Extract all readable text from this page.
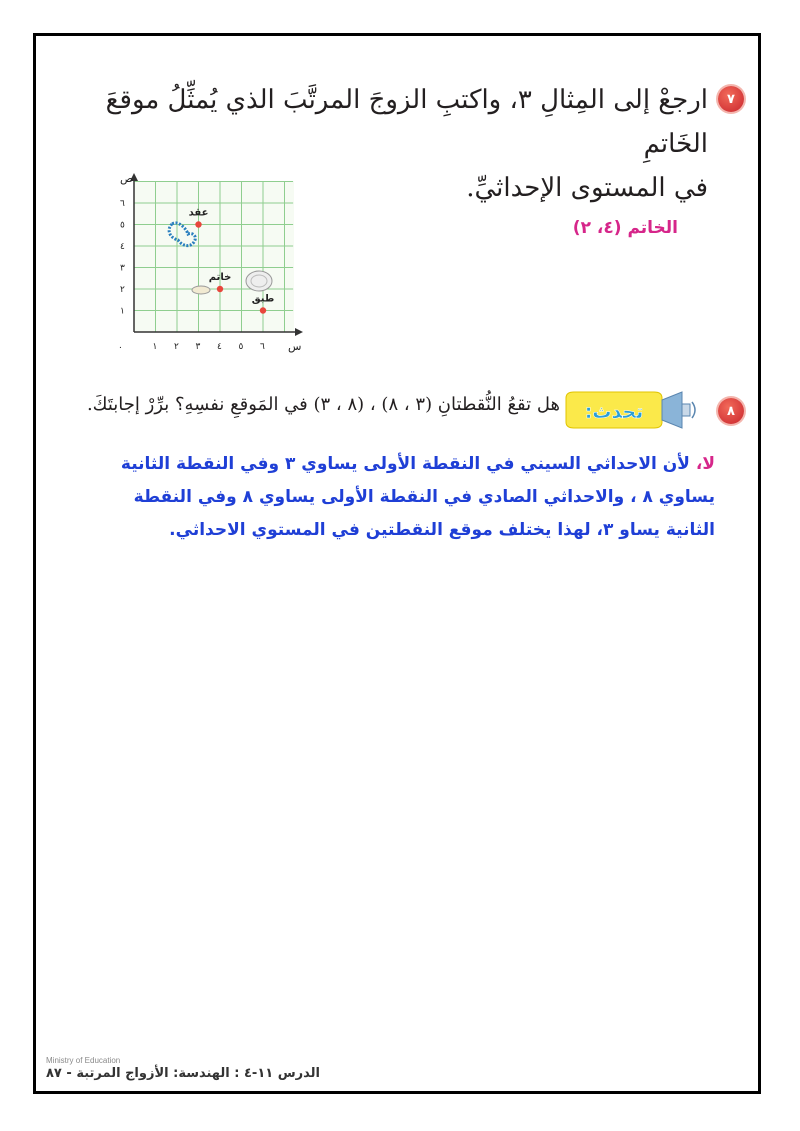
٧
ارجعْ إلى المِثالِ ٣، واكتبِ الزوجَ المرتَّبَ الذي يُمثِّلُ موقعَ الخَاتمِ
في المستوى الإحداثيِّ.
الخاتم (٤، ٢)
ص
س
٠	١ ٢ ٣ ٤ ٥ ٦
١
٢
٣
٤
٥
٦
عقد
خاتم
طبق
٨
تحدث:
هل تقعُ النُّقطتانِ (٣ ، ٨) ، (٨ ، ٣) في المَوقعِ نفسِهِ؟ برِّرْ إجابتَكَ.
لا، لأن الاحداثي السيني في النقطة الأولى يساوي ٣ وفي النقطة الثانية يساوي ٨ ، والاحداثي الصادي في النقطة الأولى يساوي ٨ وفي النقطة الثانية يساو ٣، لهذا يختلف موقع النقطتين في المستوي الاحداثي.
Ministry of Education
الدرس ١١-٤ : الهندسة: الأزواج المرتبة - ٨٧
